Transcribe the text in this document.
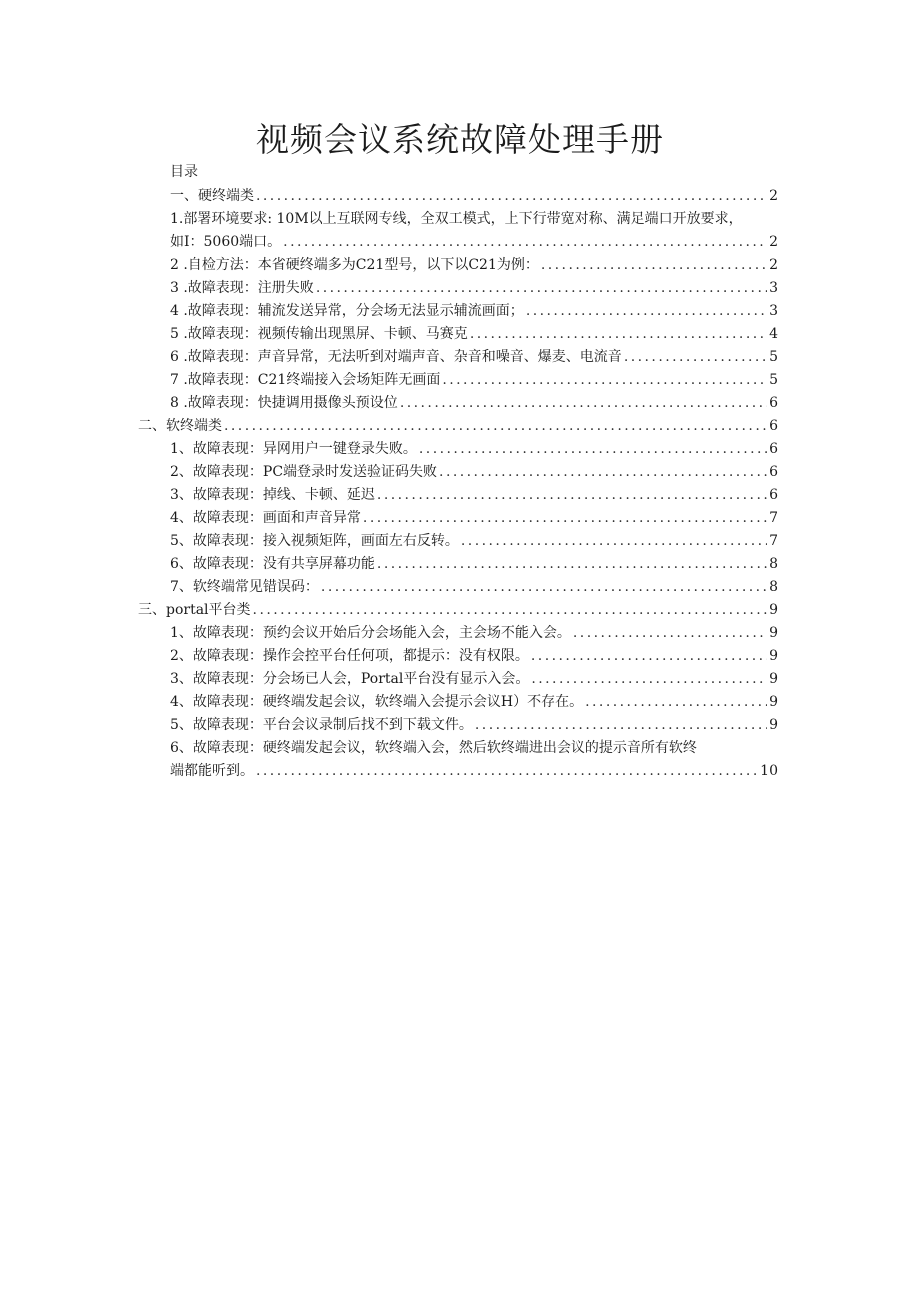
视频会议系统故障处理手册
目录
一、硬终端类 . . .	2
1.部署环境要求: 10M以上互联网专线，全双工模式，上下行带宽对称、满足端口开放要求，
如I：5060端口。 . . .	2
2 .自检方法：本省硬终端多为C21型号，以下以C21为例： . . .	2
3 .故障表现：注册失败 . . .	3
4 .故障表现：辅流发送异常，分会场无法显示辅流画面； . . .	3
5 .故障表现：视频传输出现黑屏、卡顿、马赛克 . . .	4
6 .故障表现：声音异常，无法听到对端声音、杂音和噪音、爆麦、电流音 . . .	5
7 .故障表现：C21终端接入会场矩阵无画面 . . .	5
8 .故障表现：快捷调用摄像头预设位 . . .	6
二、软终端类 . . .	6
1、故障表现：异网用户一键登录失败。 . . .	6
2、故障表现：PC端登录时发送验证码失败 . . .	6
3、故障表现：掉线、卡顿、延迟 . . .	6
4、故障表现：画面和声音异常 . . .	7
5、故障表现：接入视频矩阵，画面左右反转。 . . .	7
6、故障表现：没有共享屏幕功能 . . .	8
7、软终端常见错误码： . . .	8
三、portal平台类 . . .	9
1、故障表现：预约会议开始后分会场能入会，主会场不能入会。 . . .	9
2、故障表现：操作会控平台任何项，都提示：没有权限。 . . .	9
3、故障表现：分会场已人会，Portal平台没有显示入会。 . . .	9
4、故障表现：硬终端发起会议，软终端入会提示会议H）不存在。 . . .	9
5、故障表现：平台会议录制后找不到下载文件。 . . .	9
6、故障表现：硬终端发起会议，软终端入会，然后软终端进出会议的提示音所有软终
端都能听到。 . . .	10
